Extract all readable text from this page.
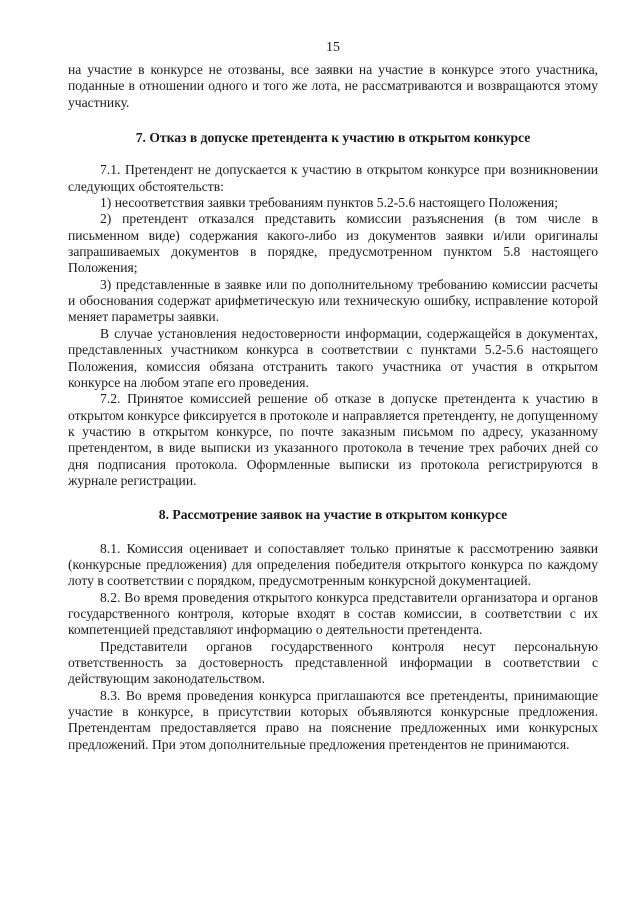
15

на участие в конкурсе не отозваны, все заявки на участие в конкурсе этого участника, поданные в отношении одного и того же лота, не рассматриваются и возвращаются этому участнику.

7. Отказ в допуске претендента к участию в открытом конкурсе

7.1. Претендент не допускается к участию в открытом конкурсе при возникновении следующих обстоятельств:

1) несоответствия заявки требованиям пунктов 5.2-5.6 настоящего Положения;

2) претендент отказался представить комиссии разъяснения (в том числе в письменном виде) содержания какого-либо из документов заявки и/или оригиналы запрашиваемых документов в порядке, предусмотренном пунктом 5.8 настоящего Положения;

3) представленные в заявке или по дополнительному требованию комиссии расчеты и обоснования содержат арифметическую или техническую ошибку, исправление которой меняет параметры заявки.

В случае установления недостоверности информации, содержащейся в документах, представленных участником конкурса в соответствии с пунктами 5.2-5.6 настоящего Положения, комиссия обязана отстранить такого участника от участия в открытом конкурсе на любом этапе его проведения.

7.2. Принятое комиссией решение об отказе в допуске претендента к участию в открытом конкурсе фиксируется в протоколе и направляется претенденту, не допущенному к участию в открытом конкурсе, по почте заказным письмом по адресу, указанному претендентом, в виде выписки из указанного протокола в течение трех рабочих дней со дня подписания протокола. Оформленные выписки из протокола регистрируются в журнале регистрации.

8. Рассмотрение заявок на участие в открытом конкурсе

8.1. Комиссия оценивает и сопоставляет только принятые к рассмотрению заявки (конкурсные предложения) для определения победителя открытого конкурса по каждому лоту в соответствии с порядком, предусмотренным конкурсной документацией.

8.2. Во время проведения открытого конкурса представители организатора и органов государственного контроля, которые входят в состав комиссии, в соответствии с их компетенцией представляют информацию о деятельности претендента.

Представители органов государственного контроля несут персональную ответственность за достоверность представленной информации в соответствии с действующим законодательством.

8.3. Во время проведения конкурса приглашаются все претенденты, принимающие участие в конкурсе, в присутствии которых объявляются конкурсные предложения. Претендентам предоставляется право на пояснение предложенных ими конкурсных предложений. При этом дополнительные предложения претендентов не принимаются.
